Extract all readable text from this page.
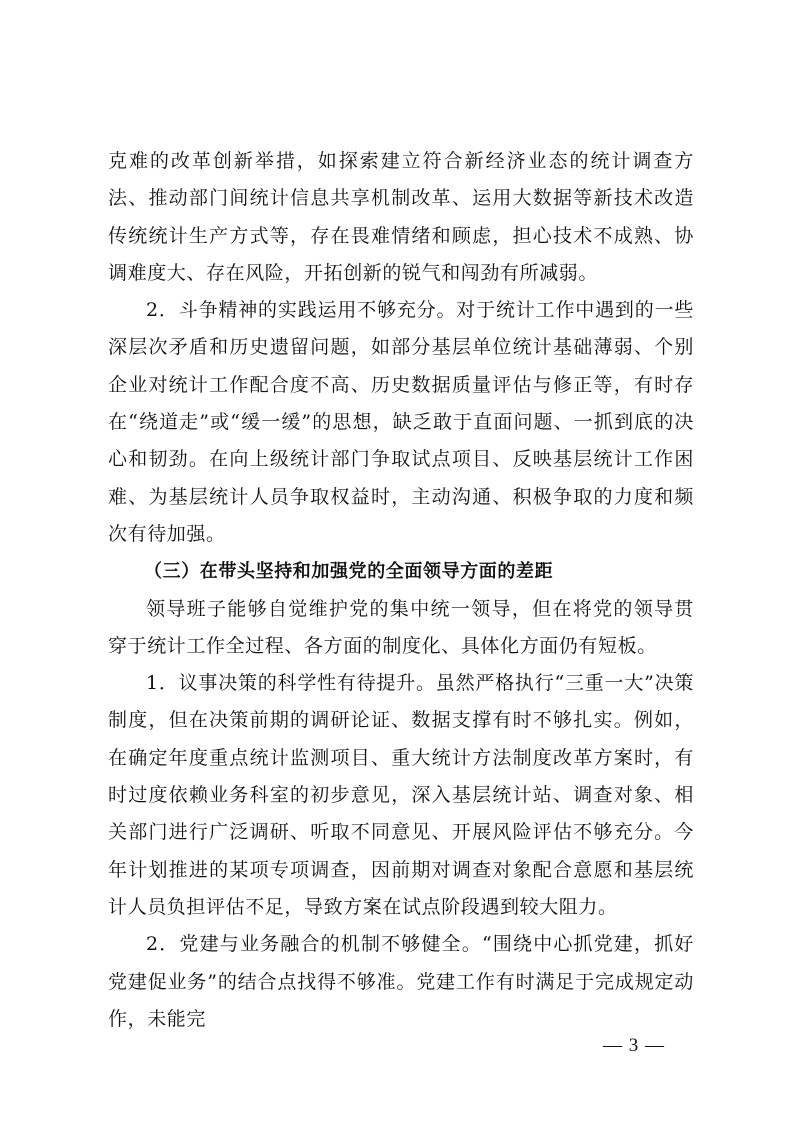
克难的改革创新举措，如探索建立符合新经济业态的统计调查方法、推动部门间统计信息共享机制改革、运用大数据等新技术改造传统统计生产方式等，存在畏难情绪和顾虑，担心技术不成熟、协调难度大、存在风险，开拓创新的锐气和闯劲有所减弱。

2．斗争精神的实践运用不够充分。对于统计工作中遇到的一些深层次矛盾和历史遗留问题，如部分基层单位统计基础薄弱、个别企业对统计工作配合度不高、历史数据质量评估与修正等，有时存在“绕道走”或“缓一缓”的思想，缺乏敢于直面问题、一抓到底的决心和韧劲。在向上级统计部门争取试点项目、反映基层统计工作困难、为基层统计人员争取权益时，主动沟通、积极争取的力度和频次有待加强。

（三）在带头坚持和加强党的全面领导方面的差距

领导班子能够自觉维护党的集中统一领导，但在将党的领导贯穿于统计工作全过程、各方面的制度化、具体化方面仍有短板。

1．议事决策的科学性有待提升。虽然严格执行“三重一大”决策制度，但在决策前期的调研论证、数据支撑有时不够扎实。例如，在确定年度重点统计监测项目、重大统计方法制度改革方案时，有时过度依赖业务科室的初步意见，深入基层统计站、调查对象、相关部门进行广泛调研、听取不同意见、开展风险评估不够充分。今年计划推进的某项专项调查，因前期对调查对象配合意愿和基层统计人员负担评估不足，导致方案在试点阶段遇到较大阻力。

2．党建与业务融合的机制不够健全。“围绕中心抓党建，抓好党建促业务”的结合点找得不够准。党建工作有时满足于完成规定动作，未能完

— 3 —
